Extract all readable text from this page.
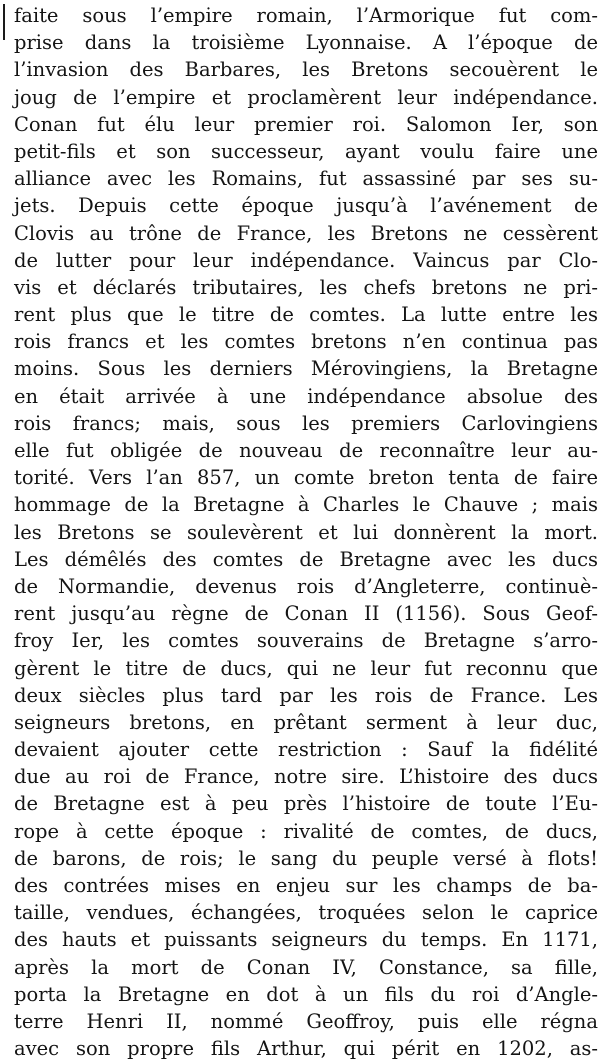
faite sous l’empire romain, l’Armorique fut com-
prise dans la troisième Lyonnaise. A l’époque de
l’invasion des Barbares, les Bretons secouèrent le
joug de l’empire et proclamèrent leur indépendance.
Conan fut élu leur premier roi. Salomon Ier, son
petit-fils et son successeur, ayant voulu faire une
alliance avec les Romains, fut assassiné par ses su-
jets. Depuis cette époque jusqu’à l’avénement de
Clovis au trône de France, les Bretons ne cessèrent
de lutter pour leur indépendance. Vaincus par Clo-
vis et déclarés tributaires, les chefs bretons ne pri-
rent plus que le titre de comtes. La lutte entre les
rois francs et les comtes bretons n’en continua pas
moins. Sous les derniers Mérovingiens, la Bretagne
en était arrivée à une indépendance absolue des
rois francs; mais, sous les premiers Carlovingiens
elle fut obligée de nouveau de reconnaître leur au-
torité. Vers l’an 857, un comte breton tenta de faire
hommage de la Bretagne à Charles le Chauve ; mais
les Bretons se soulevèrent et lui donnèrent la mort.
Les démêlés des comtes de Bretagne avec les ducs
de Normandie, devenus rois d’Angleterre, continuè-
rent jusqu’au règne de Conan II (1156). Sous Geof-
froy Ier, les comtes souverains de Bretagne s’arro-
gèrent le titre de ducs, qui ne leur fut reconnu que
deux siècles plus tard par les rois de France. Les
seigneurs bretons, en prêtant serment à leur duc,
devaient ajouter cette restriction : Sauf la fidélité
due au roi de France, notre sire. L’histoire des ducs
de Bretagne est à peu près l’histoire de toute l’Eu-
rope à cette époque : rivalité de comtes, de ducs,
de barons, de rois; le sang du peuple versé à flots!
des contrées mises en enjeu sur les champs de ba-
taille, vendues, échangées, troquées selon le caprice
des hauts et puissants seigneurs du temps. En 1171,
après la mort de Conan IV, Constance, sa fille,
porta la Bretagne en dot à un fils du roi d’Angle-
terre Henri II, nommé Geoffroy, puis elle régna
avec son propre fils Arthur, qui périt en 1202, as-
